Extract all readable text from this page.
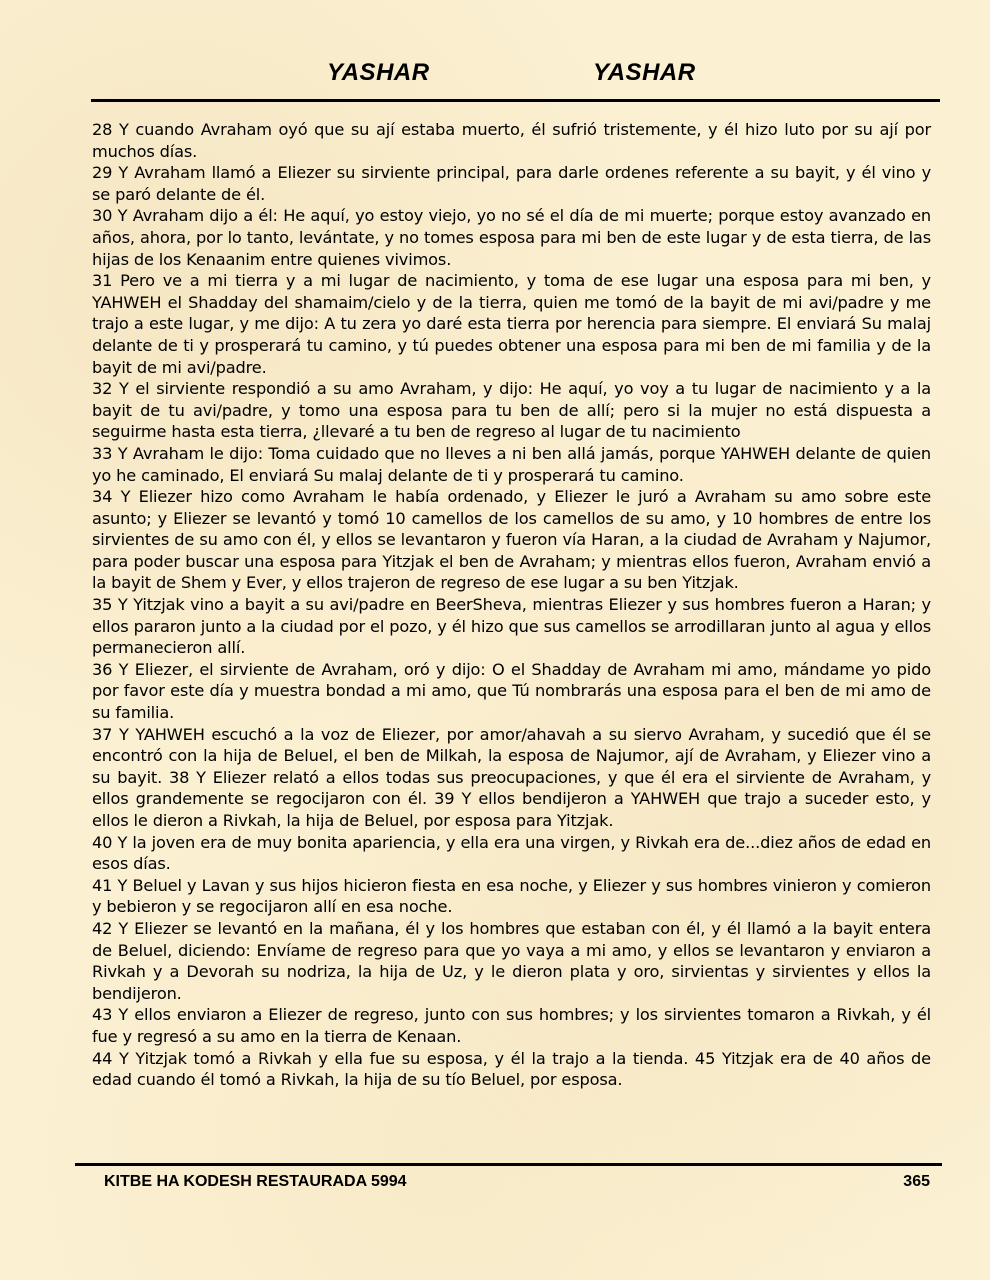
YASHAR	YASHAR

28 Y cuando Avraham oyó que su ají estaba muerto, él sufrió tristemente, y él hizo luto por su ají por muchos días.

29 Y Avraham llamó a Eliezer su sirviente principal, para darle ordenes referente a su bayit, y él vino y se paró delante de él.

30 Y Avraham dijo a él: He aquí, yo estoy viejo, yo no sé el día de mi muerte; porque estoy avanzado en años, ahora, por lo tanto, levántate, y no tomes esposa para mi ben de este lugar y de esta tierra, de las hijas de los Kenaanim entre quienes vivimos.

31 Pero ve a mi tierra y a mi lugar de nacimiento, y toma de ese lugar una esposa para mi ben, y YAHWEH el Shadday del shamaim/cielo y de la tierra, quien me tomó de la bayit de mi avi/padre y me trajo a este lugar, y me dijo: A tu zera yo daré esta tierra por herencia para siempre. El enviará Su malaj delante de ti y prosperará tu camino, y tú puedes obtener una esposa para mi ben de mi familia y de la bayit de mi avi/padre.

32 Y el sirviente respondió a su amo Avraham, y dijo: He aquí, yo voy a tu lugar de nacimiento y a la bayit de tu avi/padre, y tomo una esposa para tu ben de allí; pero si la mujer no está dispuesta a seguirme hasta esta tierra, ¿llevaré a tu ben de regreso al lugar de tu nacimiento

33 Y Avraham le dijo: Toma cuidado que no lleves a ni ben allá jamás, porque YAHWEH delante de quien yo he caminado, El enviará Su malaj delante de ti y prosperará tu camino.

34 Y Eliezer hizo como Avraham le había ordenado, y Eliezer le juró a Avraham su amo sobre este asunto; y Eliezer se levantó y tomó 10 camellos de los camellos de su amo, y 10 hombres de entre los sirvientes de su amo con él, y ellos se levantaron y fueron vía Haran, a la ciudad de Avraham y Najumor, para poder buscar una esposa para Yitzjak el ben de Avraham; y mientras ellos fueron, Avraham envió a la bayit de Shem y Ever, y ellos trajeron de regreso de ese lugar a su ben Yitzjak.

35 Y Yitzjak vino a bayit a su avi/padre en BeerSheva, mientras Eliezer y sus hombres fueron a Haran; y ellos pararon junto a la ciudad por el pozo, y él hizo que sus camellos se arrodillaran junto al agua y ellos permanecieron allí.

36 Y Eliezer, el sirviente de Avraham, oró y dijo: O el Shadday de Avraham mi amo, mándame yo pido por favor este día y muestra bondad a mi amo, que Tú nombrarás una esposa para el ben de mi amo de su familia.

37 Y YAHWEH escuchó a la voz de Eliezer, por amor/ahavah a su siervo Avraham, y sucedió que él se encontró con la hija de Beluel, el ben de Milkah, la esposa de Najumor, ají de Avraham, y Eliezer vino a su bayit. 38 Y Eliezer relató a ellos todas sus preocupaciones, y que él era el sirviente de Avraham, y ellos grandemente se regocijaron con él. 39 Y ellos bendijeron a YAHWEH que trajo a suceder esto, y ellos le dieron a Rivkah, la hija de Beluel, por esposa para Yitzjak.

40 Y la joven era de muy bonita apariencia, y ella era una virgen, y Rivkah era de...diez años de edad en esos días.

41 Y Beluel y Lavan y sus hijos hicieron fiesta en esa noche, y Eliezer y sus hombres vinieron y comieron y bebieron y se regocijaron allí en esa noche.

42 Y Eliezer se levantó en la mañana, él y los hombres que estaban con él, y él llamó a la bayit entera de Beluel, diciendo: Envíame de regreso para que yo vaya a mi amo, y ellos se levantaron y enviaron a Rivkah y a Devorah su nodriza, la hija de Uz, y le dieron plata y oro, sirvientas y sirvientes y ellos la bendijeron.

43 Y ellos enviaron a Eliezer de regreso, junto con sus hombres; y los sirvientes tomaron a Rivkah, y él fue y regresó a su amo en la tierra de Kenaan.

44 Y Yitzjak tomó a Rivkah y ella fue su esposa, y él la trajo a la tienda. 45 Yitzjak era de 40 años de edad cuando él tomó a Rivkah, la hija de su tío Beluel, por esposa.

KITBE HA KODESH RESTAURADA 5994	365
